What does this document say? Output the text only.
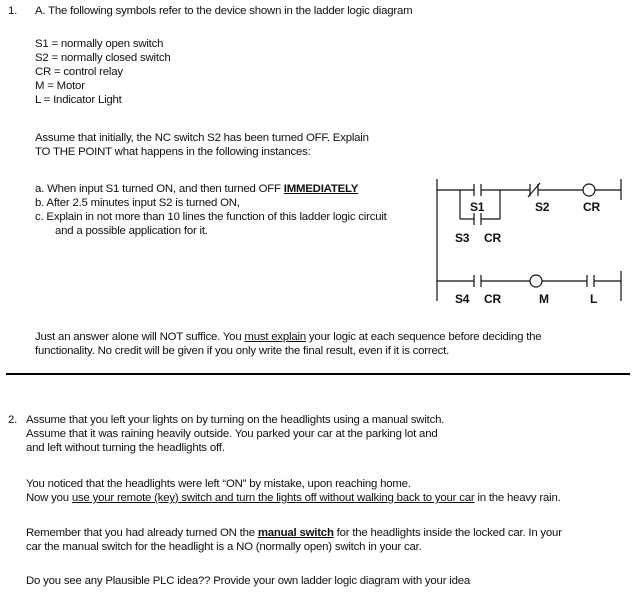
1. A. The following symbols refer to the device shown in the ladder logic diagram
S1 = normally open switch
S2 = normally closed switch
CR = control relay
M = Motor
L = Indicator Light
Assume that initially, the NC switch S2 has been turned OFF. Explain
TO THE POINT what happens in the following instances:
a. When input S1 turned ON, and then turned OFF IMMEDIATELY
b. After 2.5 minutes input S2 is turned ON,
c. Explain in not more than 10 lines the function of this ladder logic circuit
and a possible application for it.
S1	S2	CR
S3 CR
S4 CR	M	L
Just an answer alone will NOT suffice. You must explain your logic at each sequence before deciding the
functionality. No credit will be given if you only write the final result, even if it is correct.
2. Assume that you left your lights on by turning on the headlights using a manual switch.
Assume that it was raining heavily outside. You parked your car at the parking lot and
and left without turning the headlights off.
You noticed that the headlights were left “ON” by mistake, upon reaching home.
Now you use your remote (key) switch and turn the lights off without walking back to your car in the heavy rain.
Remember that you had already turned ON the manual switch for the headlights inside the locked car. In your
car the manual switch for the headlight is a NO (normally open) switch in your car.
Do you see any Plausible PLC idea?? Provide your own ladder logic diagram with your idea
